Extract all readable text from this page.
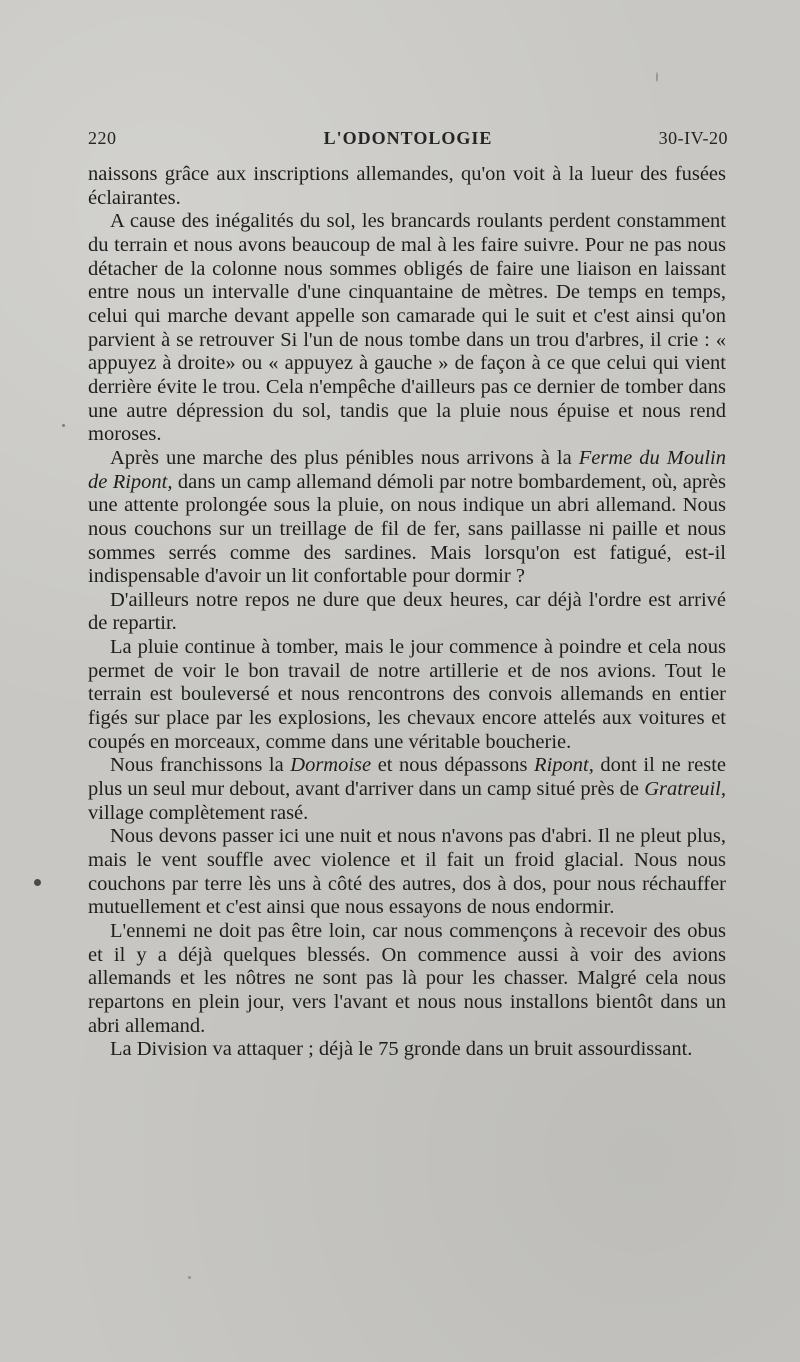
220	L'ODONTOLOGIE	30-IV-20

naissons grâce aux inscriptions allemandes, qu'on voit à la lueur des fusées éclairantes.

A cause des inégalités du sol, les brancards roulants perdent constamment du terrain et nous avons beaucoup de mal à les faire suivre. Pour ne pas nous détacher de la colonne nous sommes obligés de faire une liaison en laissant entre nous un intervalle d'une cinquantaine de mètres. De temps en temps, celui qui marche devant appelle son camarade qui le suit et c'est ainsi qu'on parvient à se retrouver Si l'un de nous tombe dans un trou d'arbres, il crie : « appuyez à droite» ou « appuyez à gauche » de façon à ce que celui qui vient derrière évite le trou. Cela n'empêche d'ailleurs pas ce dernier de tomber dans une autre dépression du sol, tandis que la pluie nous épuise et nous rend moroses.

Après une marche des plus pénibles nous arrivons à la Ferme du Moulin de Ripont, dans un camp allemand démoli par notre bombardement, où, après une attente prolongée sous la pluie, on nous indique un abri allemand. Nous nous couchons sur un treillage de fil de fer, sans paillasse ni paille et nous sommes serrés comme des sardines. Mais lorsqu'on est fatigué, est-il indispensable d'avoir un lit confortable pour dormir ?

D'ailleurs notre repos ne dure que deux heures, car déjà l'ordre est arrivé de repartir.

La pluie continue à tomber, mais le jour commence à poindre et cela nous permet de voir le bon travail de notre artillerie et de nos avions. Tout le terrain est bouleversé et nous rencontrons des convois allemands en entier figés sur place par les explosions, les chevaux encore attelés aux voitures et coupés en morceaux, comme dans une véritable boucherie.

Nous franchissons la Dormoise et nous dépassons Ripont, dont il ne reste plus un seul mur debout, avant d'arriver dans un camp situé près de Gratreuil, village complètement rasé.

Nous devons passer ici une nuit et nous n'avons pas d'abri. Il ne pleut plus, mais le vent souffle avec violence et il fait un froid glacial. Nous nous couchons par terre lès uns à côté des autres, dos à dos, pour nous réchauffer mutuellement et c'est ainsi que nous essayons de nous endormir.

L'ennemi ne doit pas être loin, car nous commençons à recevoir des obus et il y a déjà quelques blessés. On commence aussi à voir des avions allemands et les nôtres ne sont pas là pour les chasser. Malgré cela nous repartons en plein jour, vers l'avant et nous nous installons bientôt dans un abri allemand.

La Division va attaquer ; déjà le 75 gronde dans un bruit assourdissant.
